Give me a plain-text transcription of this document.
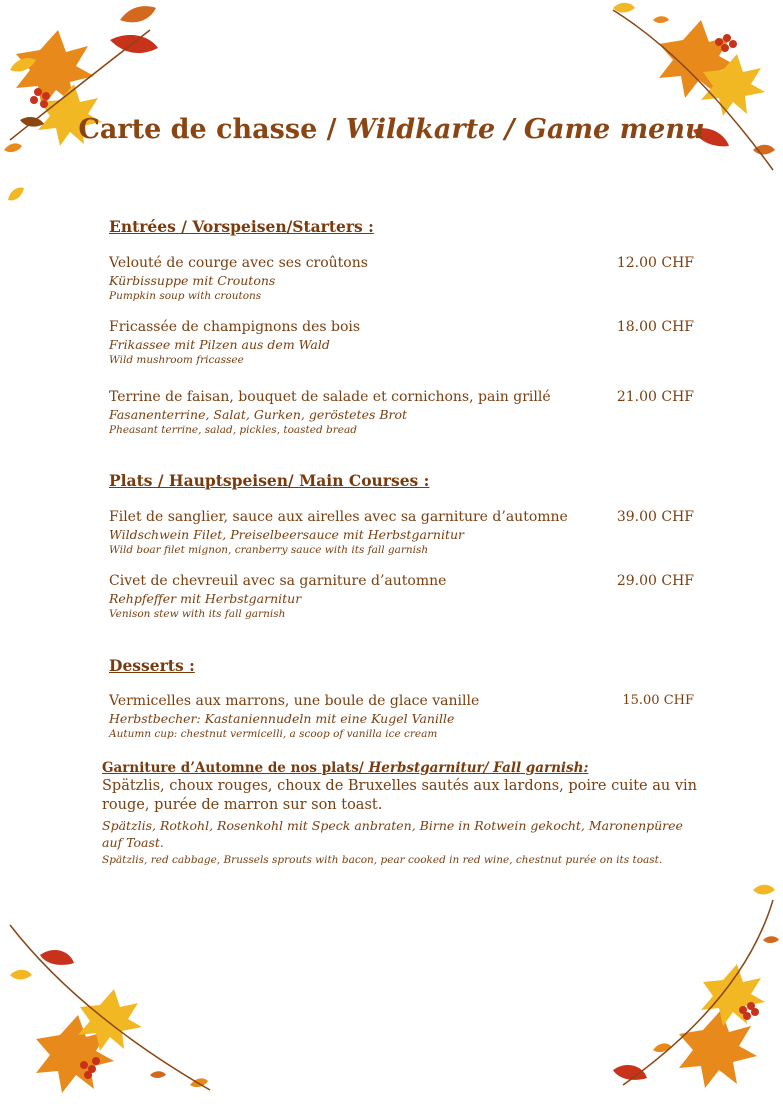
Carte de chasse / Wildkarte / Game menu
Entrées / Vorspeisen/Starters :
Velouté de courge avec ses croûtons
Kürbissuppe mit Croutons
Pumpkin soup with croutons
12.00 CHF
Fricassée de champignons des bois
Frikassee mit Pilzen aus dem Wald
Wild mushroom fricassee
18.00 CHF
Terrine de faisan, bouquet de salade et cornichons, pain grillé
Fasanenterrine, Salat, Gurken, geröstetes Brot
Pheasant terrine, salad, pickles, toasted bread
21.00 CHF
Plats / Hauptspeisen/ Main Courses :
Filet de sanglier, sauce aux airelles avec sa garniture d’automne
Wildschwein Filet, Preiselbeersauce mit Herbstgarnitur
Wild boar filet mignon, cranberry sauce with its fall garnish
39.00 CHF
Civet de chevreuil avec sa garniture d’automne
Rehpfeffer mit Herbstgarnitur
Venison stew with its fall garnish
29.00 CHF
Desserts :
Vermicelles aux marrons, une boule de glace vanille
Herbstbecher: Kastaniennudeln mit eine Kugel Vanille
Autumn cup: chestnut vermicelli, a scoop of vanilla ice cream
15.00 CHF
Garniture d’Automne de nos plats/ Herbstgarnitur/ Fall garnish:
Spätzlis, choux rouges, choux de Bruxelles sautés aux lardons, poire cuite au vin rouge, purée de marron sur son toast.
Spätzlis, Rotkohl, Rosenkohl mit Speck anbraten, Birne in Rotwein gekocht, Maronenpüree auf Toast.
Spätzlis, red cabbage, Brussels sprouts with bacon, pear cooked in red wine, chestnut purée on its toast.
